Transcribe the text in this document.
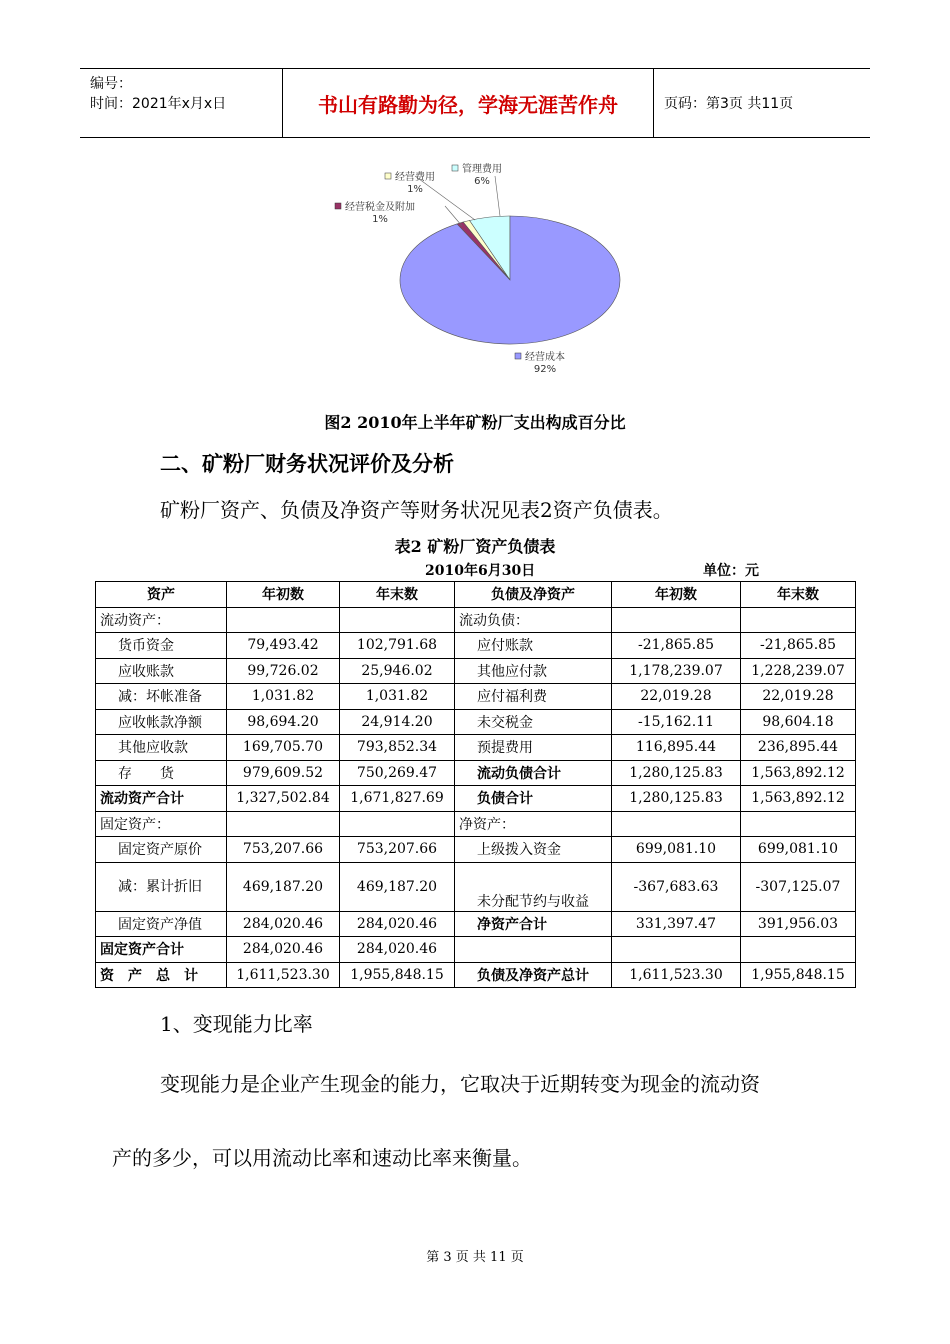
编号：
时间：2021年x月x日	书山有路勤为径，学海无涯苦作舟	页码：第3页 共11页
经营成本
92%
经营税金及附加
1%
经营费用
1%
管理费用
6%
图2 2010年上半年矿粉厂支出构成百分比
二、矿粉厂财务状况评价及分析
矿粉厂资产、负债及净资产等财务状况见表2资产负债表。
表2 矿粉厂资产负债表
2010年6月30日	单位：元
资产	年初数	年末数	负债及净资产	年初数	年末数
流动资产：			流动负债：		
货币资金	79,493.42	102,791.68	应付账款	-21,865.85	-21,865.85
应收账款	99,726.02	25,946.02	其他应付款	1,178,239.07	1,228,239.07
减：坏帐准备	1,031.82	1,031.82	应付福利费	22,019.28	22,019.28
应收帐款净额	98,694.20	24,914.20	未交税金	-15,162.11	98,604.18
其他应收款	169,705.70	793,852.34	预提费用	116,895.44	236,895.44
存　　货	979,609.52	750,269.47	流动负债合计	1,280,125.83	1,563,892.12
流动资产合计	1,327,502.84	1,671,827.69	负债合计	1,280,125.83	1,563,892.12
固定资产：			净资产：		
固定资产原价	753,207.66	753,207.66	上级拨入资金	699,081.10	699,081.10
减：累计折旧	469,187.20	469,187.20	未分配节约与收益	-367,683.63	-307,125.07
固定资产净值	284,020.46	284,020.46	净资产合计	331,397.47	391,956.03
固定资产合计	284,020.46	284,020.46			
资　产　总　计	1,611,523.30	1,955,848.15	负债及净资产总计	1,611,523.30	1,955,848.15
1、变现能力比率
变现能力是企业产生现金的能力，它取决于近期转变为现金的流动资
产的多少，可以用流动比率和速动比率来衡量。
第 3 页 共 11 页
